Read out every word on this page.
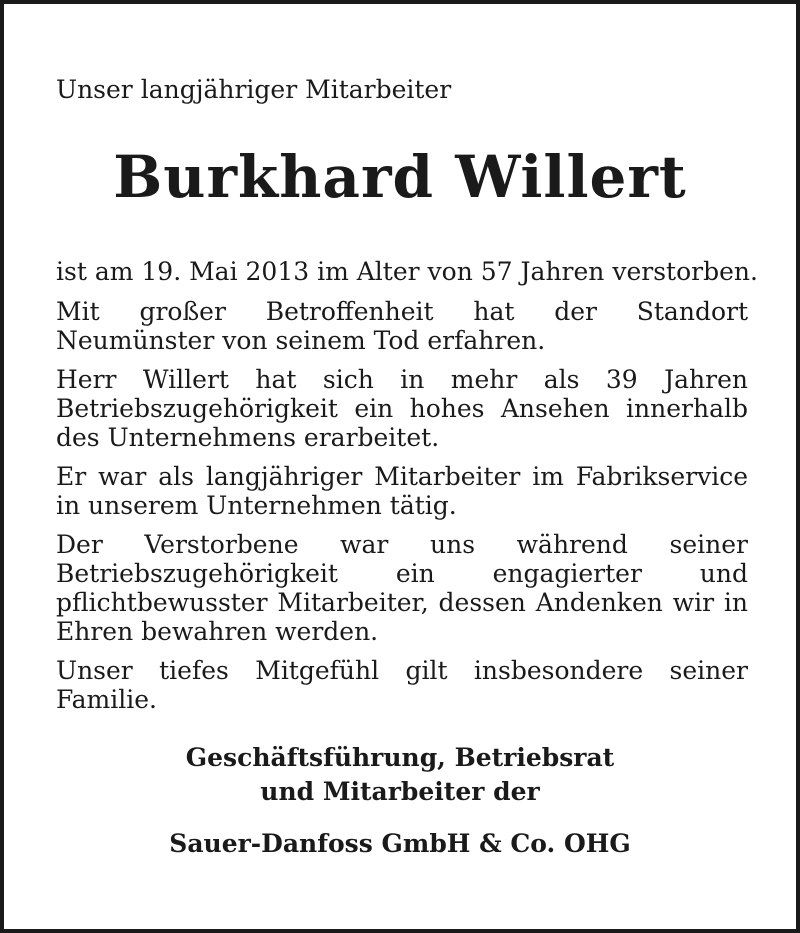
Unser langjähriger Mitarbeiter
Burkhard Willert

ist am 19. Mai 2013 im Alter von 57 Jahren verstorben.

Mit großer Betroffenheit hat der Standort Neumünster von seinem Tod erfahren.

Herr Willert hat sich in mehr als 39 Jahren Betriebszugehörigkeit ein hohes Ansehen innerhalb des Unternehmens erarbeitet.

Er war als langjähriger Mitarbeiter im Fabrikservice in unserem Unternehmen tätig.

Der Verstorbene war uns während seiner Betriebszugehörigkeit ein engagierter und pflichtbewusster Mitarbeiter, dessen Andenken wir in Ehren bewahren werden.

Unser tiefes Mitgefühl gilt insbesondere seiner Familie.

Geschäftsführung, Betriebsrat
und Mitarbeiter der
Sauer-Danfoss GmbH & Co. OHG
